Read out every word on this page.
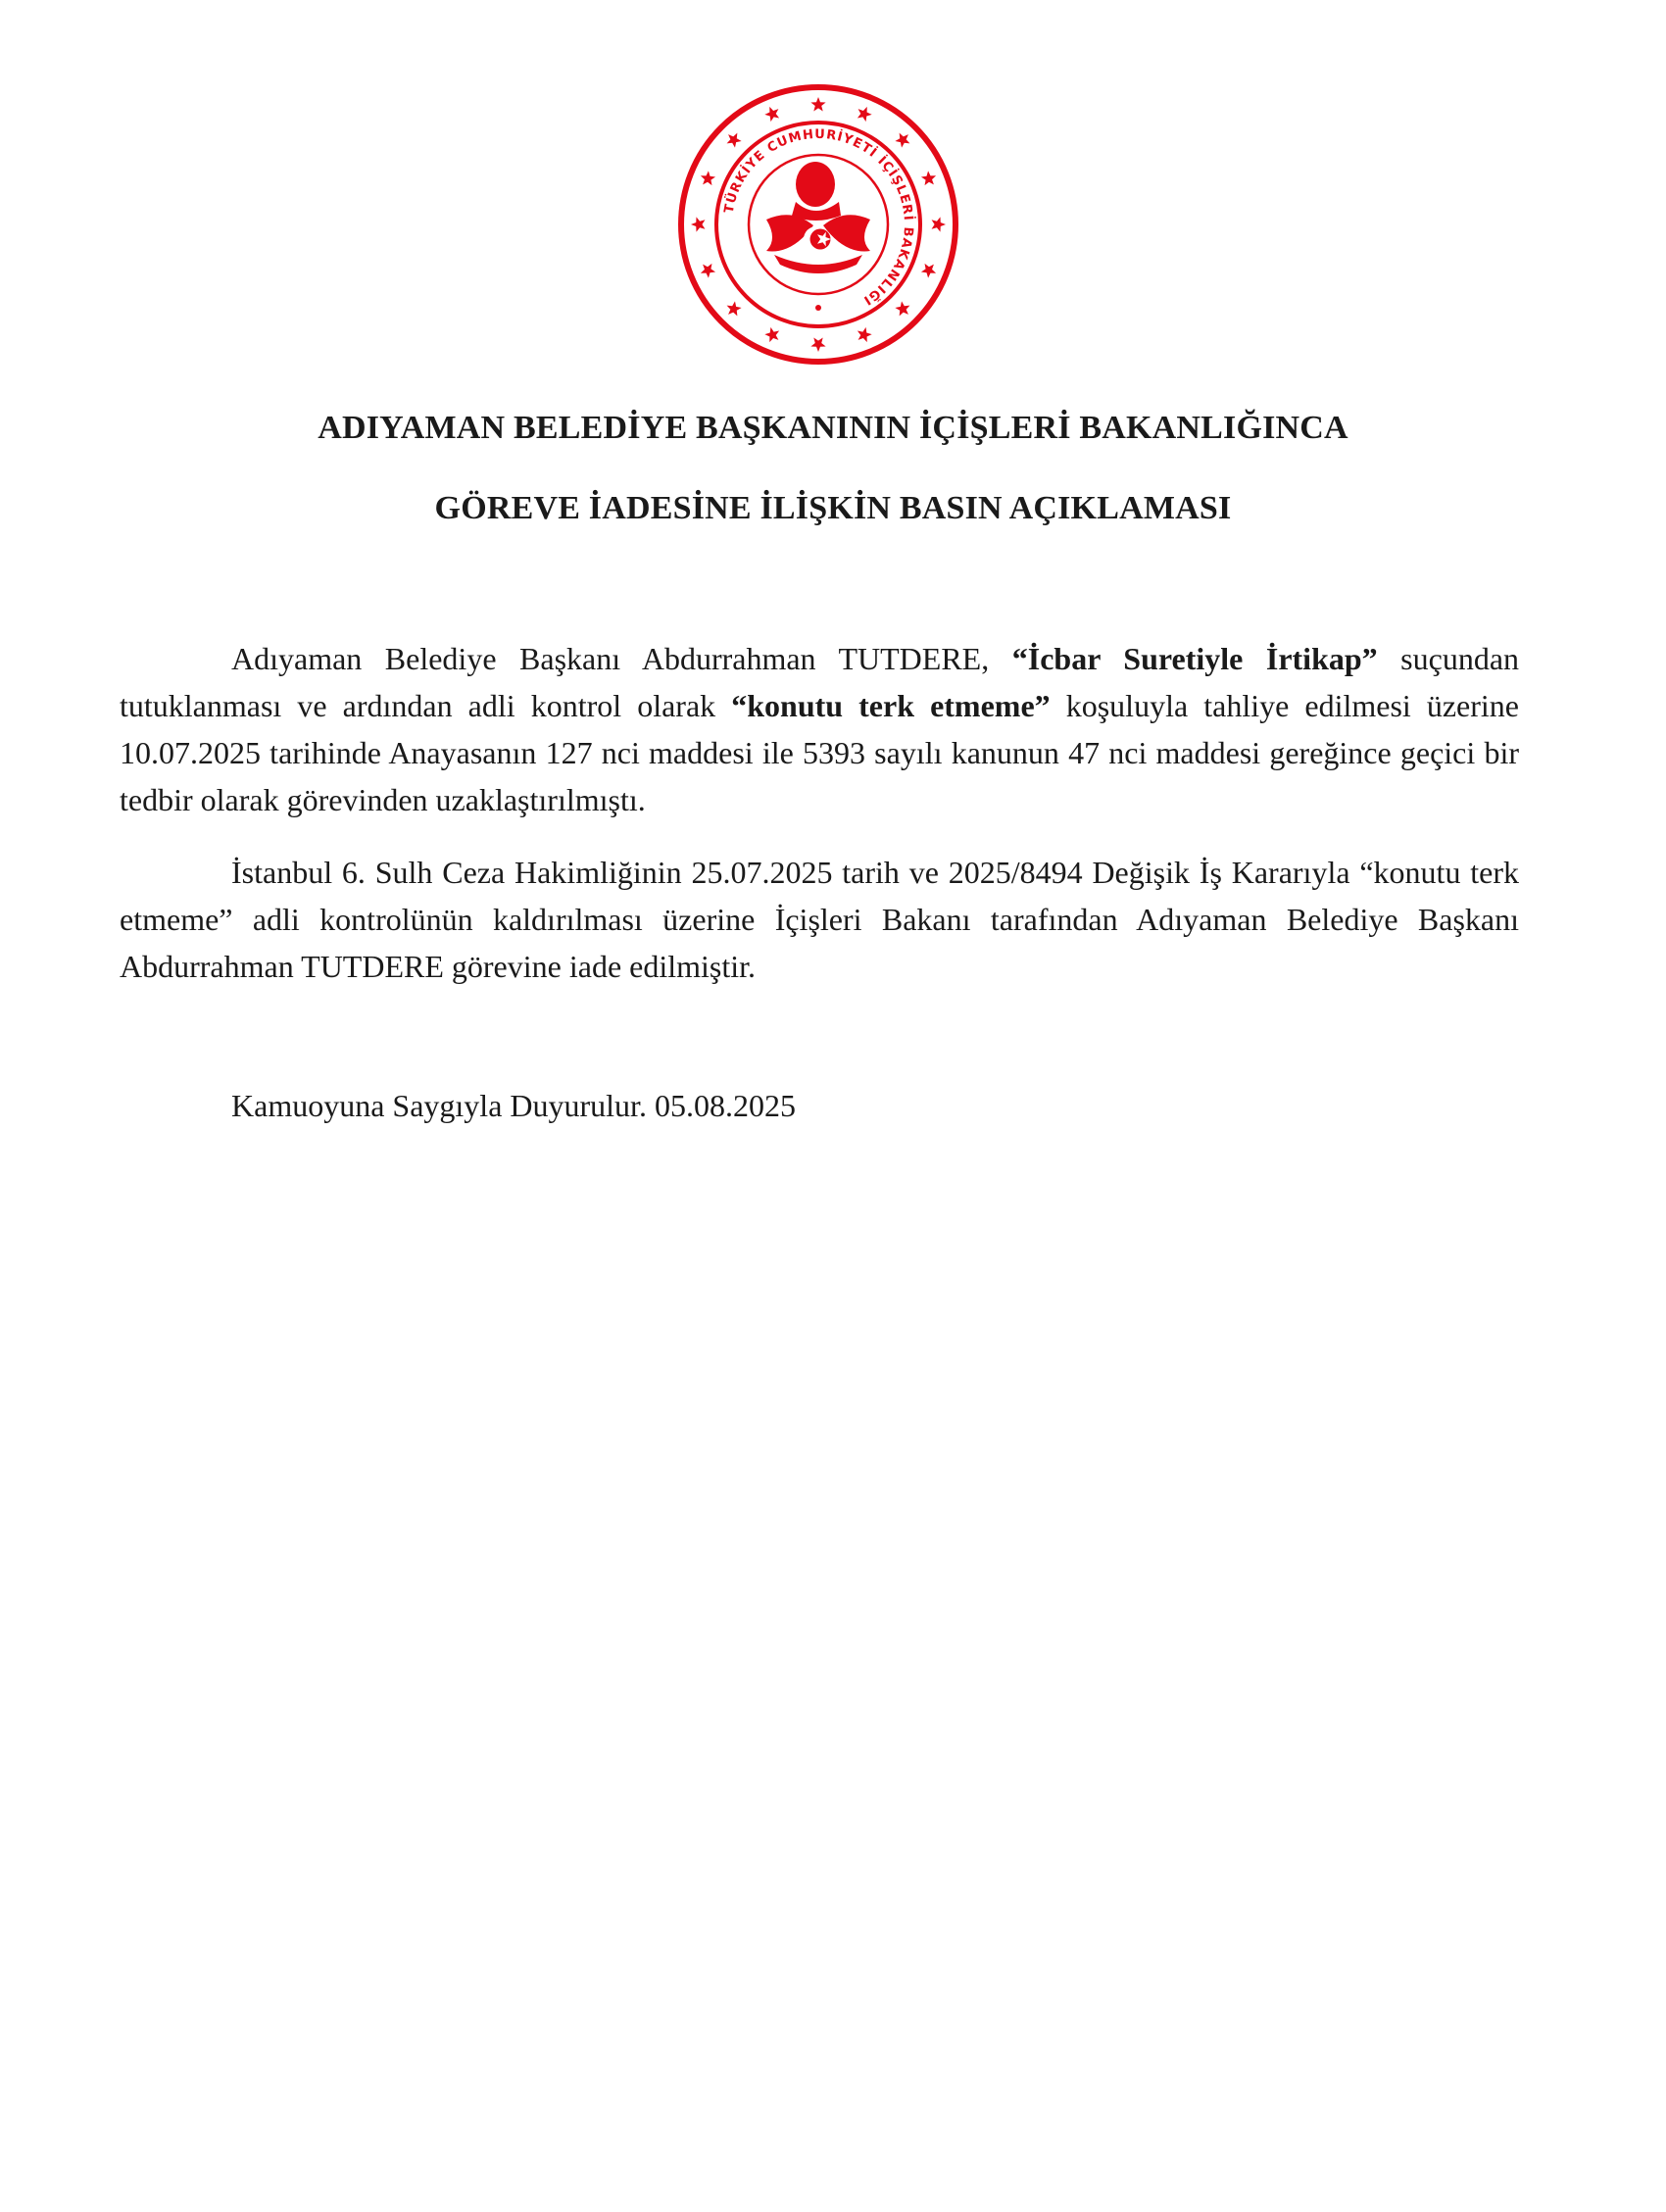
TÜRKİYE CUMHURİYETİ İÇİŞLERİ BAKANLIĞI
ADIYAMAN BELEDİYE BAŞKANININ İÇİŞLERİ BAKANLIĞINCA
GÖREVE İADESİNE İLİŞKİN BASIN AÇIKLAMASI

Adıyaman Belediye Başkanı Abdurrahman TUTDERE, “İcbar Suretiyle İrtikap” suçundan tutuklanması ve ardından adli kontrol olarak “konutu terk etmeme” koşuluyla tahliye edilmesi üzerine 10.07.2025 tarihinde Anayasanın 127 nci maddesi ile 5393 sayılı kanunun 47 nci maddesi gereğince geçici bir tedbir olarak görevinden uzaklaştırılmıştı.

İstanbul 6. Sulh Ceza Hakimliğinin 25.07.2025 tarih ve 2025/8494 Değişik İş Kararıyla “konutu terk etmeme” adli kontrolünün kaldırılması üzerine İçişleri Bakanı tarafından Adıyaman Belediye Başkanı Abdurrahman TUTDERE görevine iade edilmiştir.

Kamuoyuna Saygıyla Duyurulur. 05.08.2025
